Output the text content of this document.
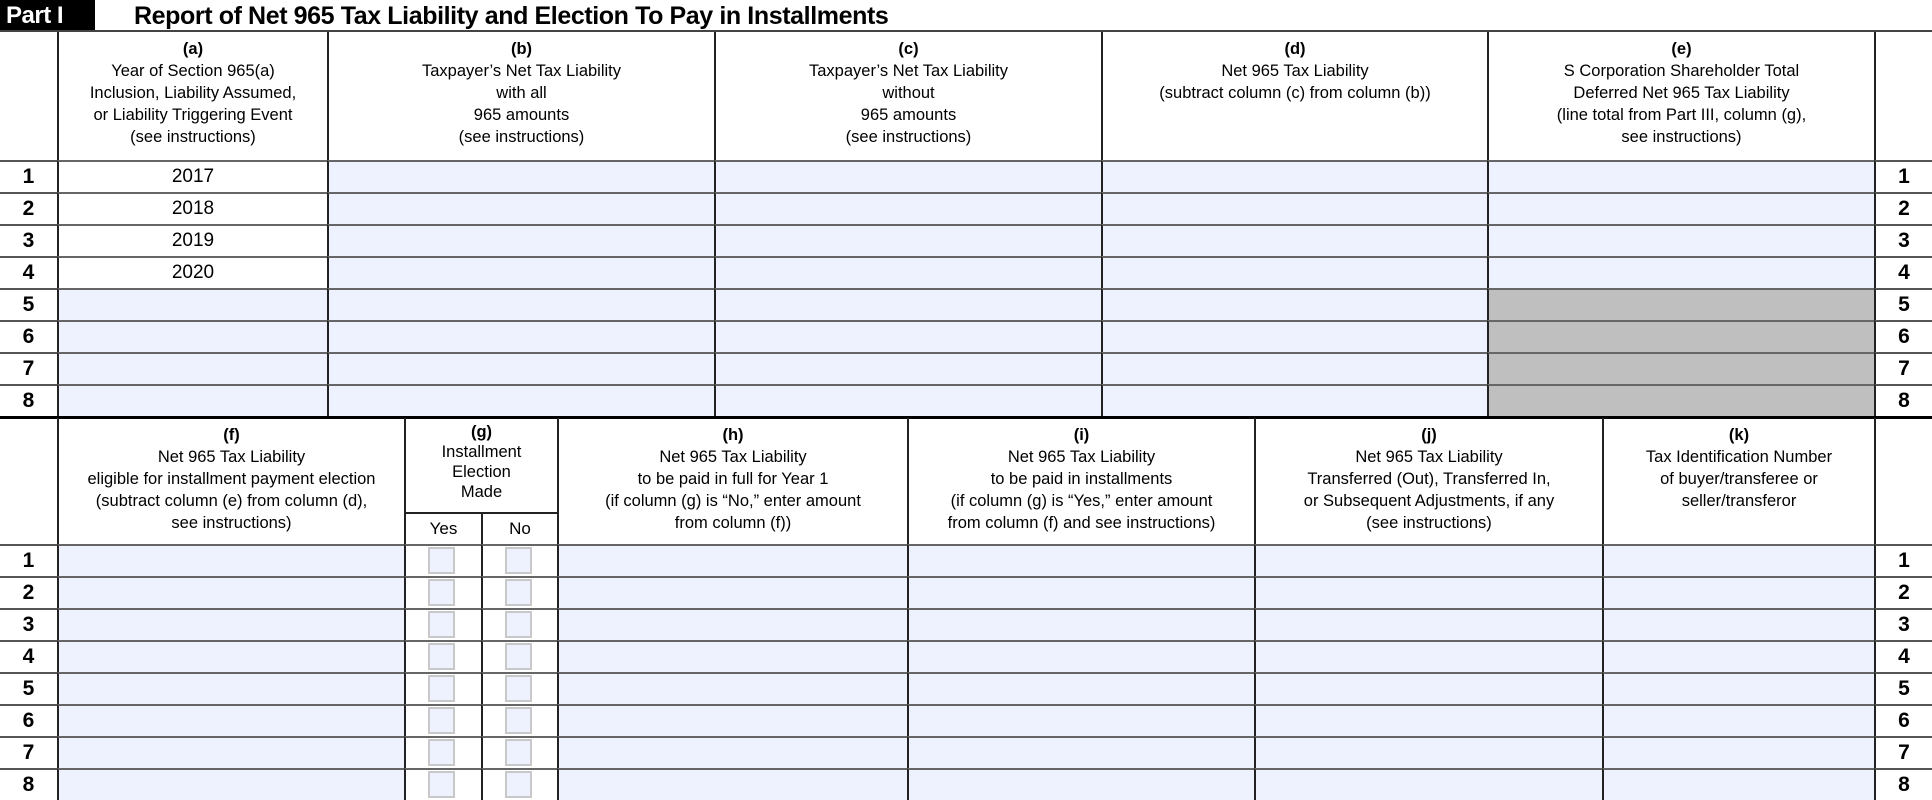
Part I	Report of Net 965 Tax Liability and Election To Pay in Installments
(a)
Year of Section 965(a)
Inclusion, Liability Assumed,
or Liability Triggering Event
(see instructions)
(b)
Taxpayer’s Net Tax Liability
with all
965 amounts
(see instructions)
(c)
Taxpayer’s Net Tax Liability
without
965 amounts
(see instructions)
(d)
Net 965 Tax Liability
(subtract column (c) from column (b))
(e)
S Corporation Shareholder Total
Deferred Net 965 Tax Liability
(line total from Part III, column (g),
see instructions)
1	2017	1
2	2018	2
3	2019	3
4	2020	4
5	5
6	6
7	7
8	8
(f)
Net 965 Tax Liability
eligible for installment payment election
(subtract column (e) from column (d),
see instructions)
(g)
Installment
Election
Made
Yes	No
(h)
Net 965 Tax Liability
to be paid in full for Year 1
(if column (g) is “No,” enter amount
from column (f))
(i)
Net 965 Tax Liability
to be paid in installments
(if column (g) is “Yes,” enter amount
from column (f) and see instructions)
(j)
Net 965 Tax Liability
Transferred (Out), Transferred In,
or Subsequent Adjustments, if any
(see instructions)
(k)
Tax Identification Number
of buyer/transferee or
seller/transferor
1	1
2	2
3	3
4	4
5	5
6	6
7	7
8	8
